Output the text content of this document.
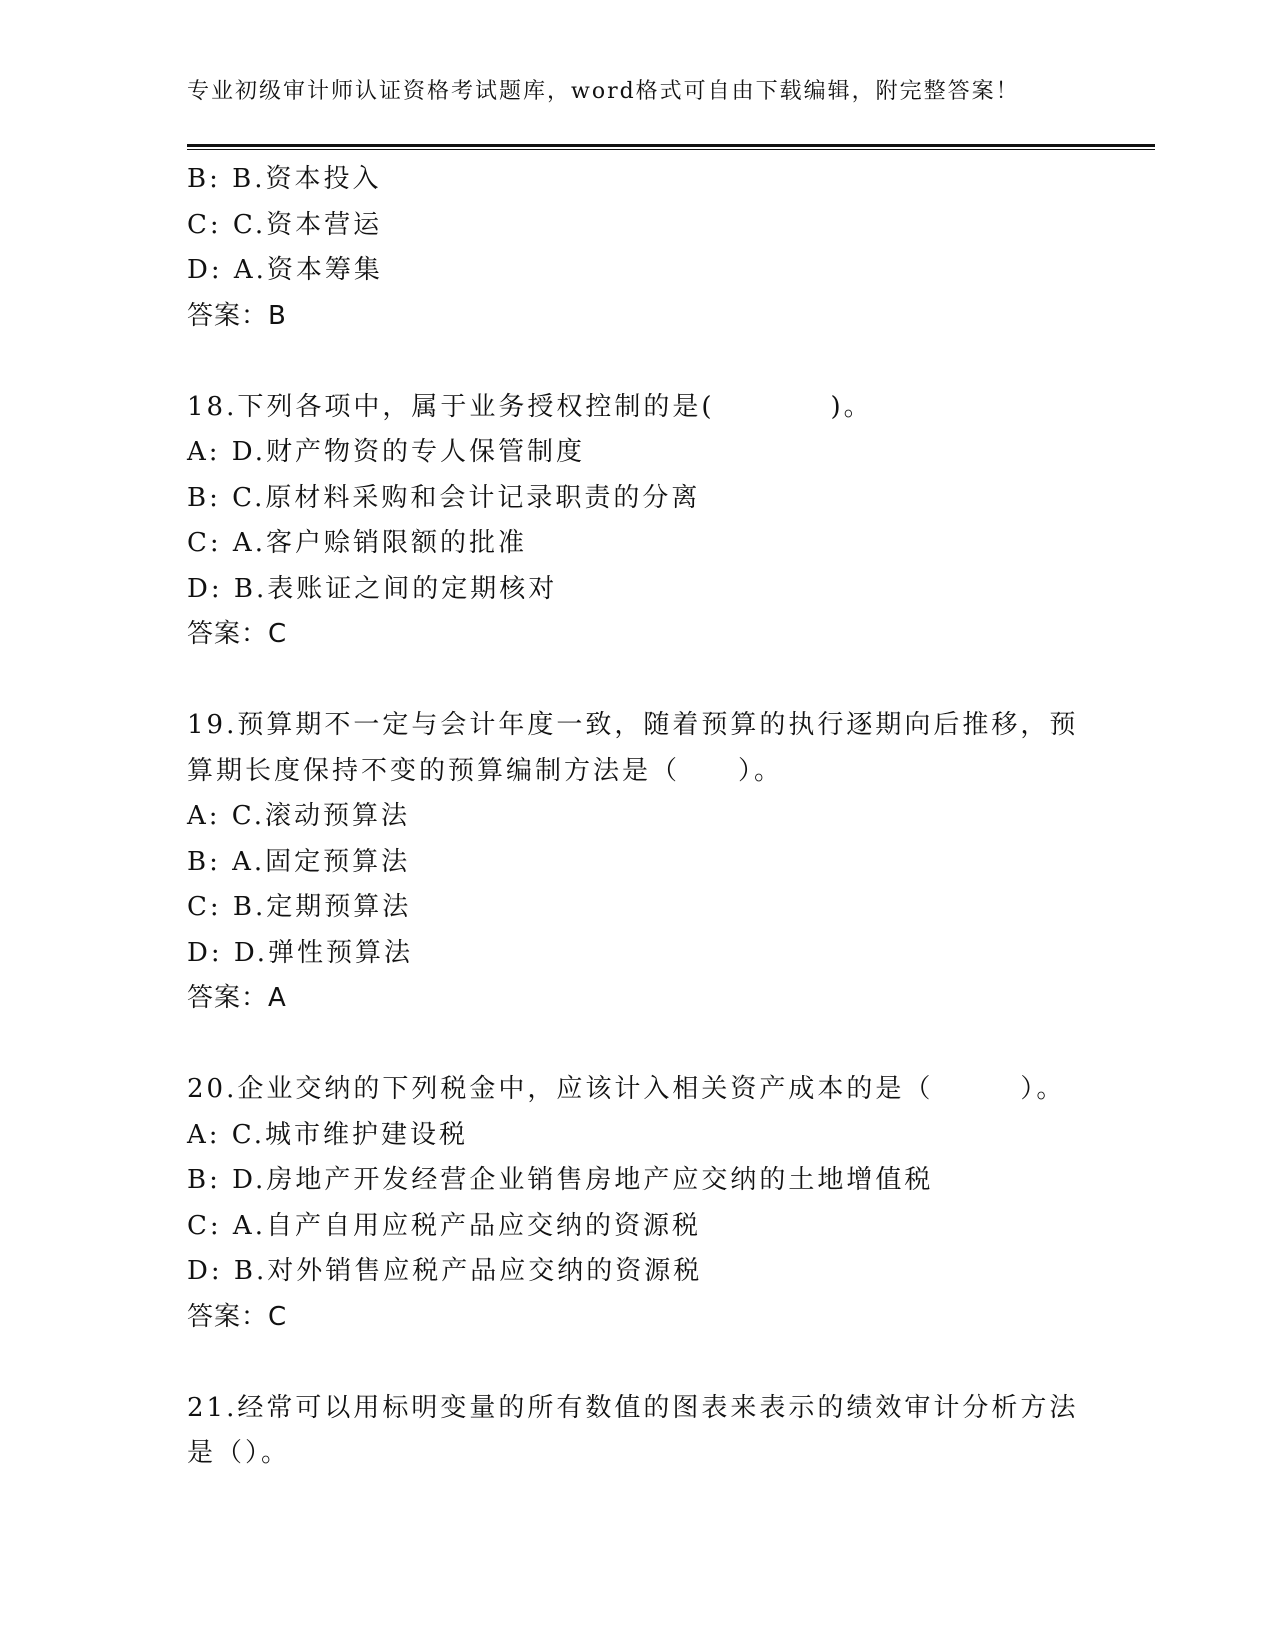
专业初级审计师认证资格考试题库，word格式可自由下载编辑，附完整答案！
B: B.资本投入
C: C.资本营运
D: A.资本筹集
答案：B
18.下列各项中，属于业务授权控制的是(　　　　)。
A: D.财产物资的专人保管制度
B: C.原材料采购和会计记录职责的分离
C: A.客户赊销限额的批准
D: B.表账证之间的定期核对
答案：C
19.预算期不一定与会计年度一致，随着预算的执行逐期向后推移，预
算期长度保持不变的预算编制方法是（　　）。
A: C.滚动预算法
B: A.固定预算法
C: B.定期预算法
D: D.弹性预算法
答案：A
20.企业交纳的下列税金中，应该计入相关资产成本的是（　　　）。
A: C.城市维护建设税
B: D.房地产开发经营企业销售房地产应交纳的土地增值税
C: A.自产自用应税产品应交纳的资源税
D: B.对外销售应税产品应交纳的资源税
答案：C
21.经常可以用标明变量的所有数值的图表来表示的绩效审计分析方法
是（）。
